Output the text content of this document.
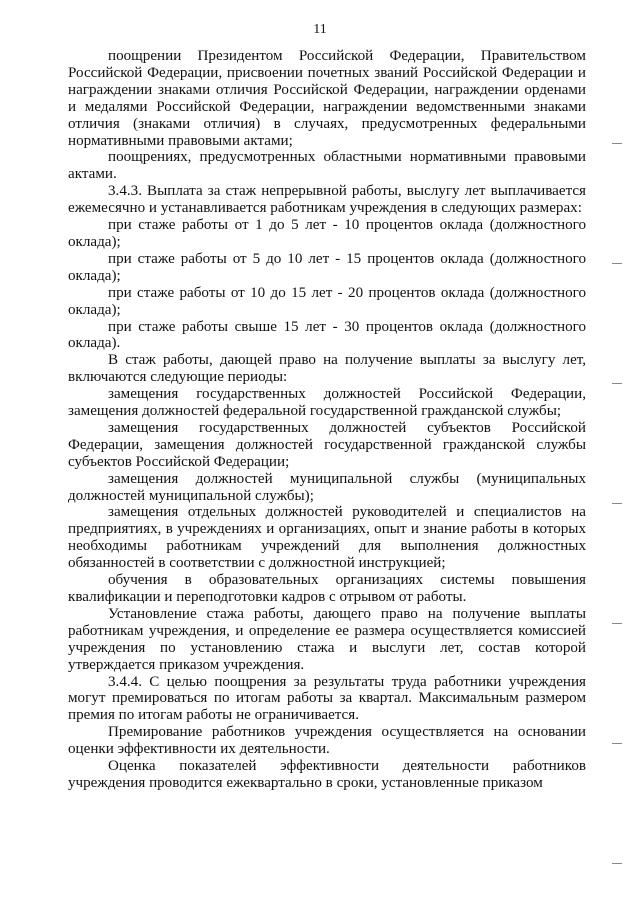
11

поощрении Президентом Российской Федерации, Правительством Российской Федерации, присвоении почетных званий Российской Федерации и награждении знаками отличия Российской Федерации, награждении орденами и медалями Российской Федерации, награждении ведомственными знаками отличия (знаками отличия) в случаях, предусмотренных федеральными нормативными правовыми актами;

поощрениях, предусмотренных областными нормативными правовыми актами.

3.4.3. Выплата за стаж непрерывной работы, выслугу лет выплачивается ежемесячно и устанавливается работникам учреждения в следующих размерах:

при стаже работы от 1 до 5 лет - 10 процентов оклада (должностного оклада);

при стаже работы от 5 до 10 лет - 15 процентов оклада (должностного оклада);

при стаже работы от 10 до 15 лет - 20 процентов оклада (должностного оклада);

при стаже работы свыше 15 лет - 30 процентов оклада (должностного оклада).

В стаж работы, дающей право на получение выплаты за выслугу лет, включаются следующие периоды:

замещения государственных должностей Российской Федерации, замещения должностей федеральной государственной гражданской службы;

замещения государственных должностей субъектов Российской Федерации, замещения должностей государственной гражданской службы субъектов Российской Федерации;

замещения должностей муниципальной службы (муниципальных должностей муниципальной службы);

замещения отдельных должностей руководителей и специалистов на предприятиях, в учреждениях и организациях, опыт и знание работы в которых необходимы работникам учреждений для выполнения должностных обязанностей в соответствии с должностной инструкцией;

обучения в образовательных организациях системы повышения квалификации и переподготовки кадров с отрывом от работы.

Установление стажа работы, дающего право на получение выплаты работникам учреждения, и определение ее размера осуществляется комиссией учреждения по установлению стажа и выслуги лет, состав которой утверждается приказом учреждения.

3.4.4. С целью поощрения за результаты труда работники учреждения могут премироваться по итогам работы за квартал. Максимальным размером премия по итогам работы не ограничивается.

Премирование работников учреждения осуществляется на основании оценки эффективности их деятельности.

Оценка показателей эффективности деятельности работников учреждения проводится ежеквартально в сроки, установленные приказом
